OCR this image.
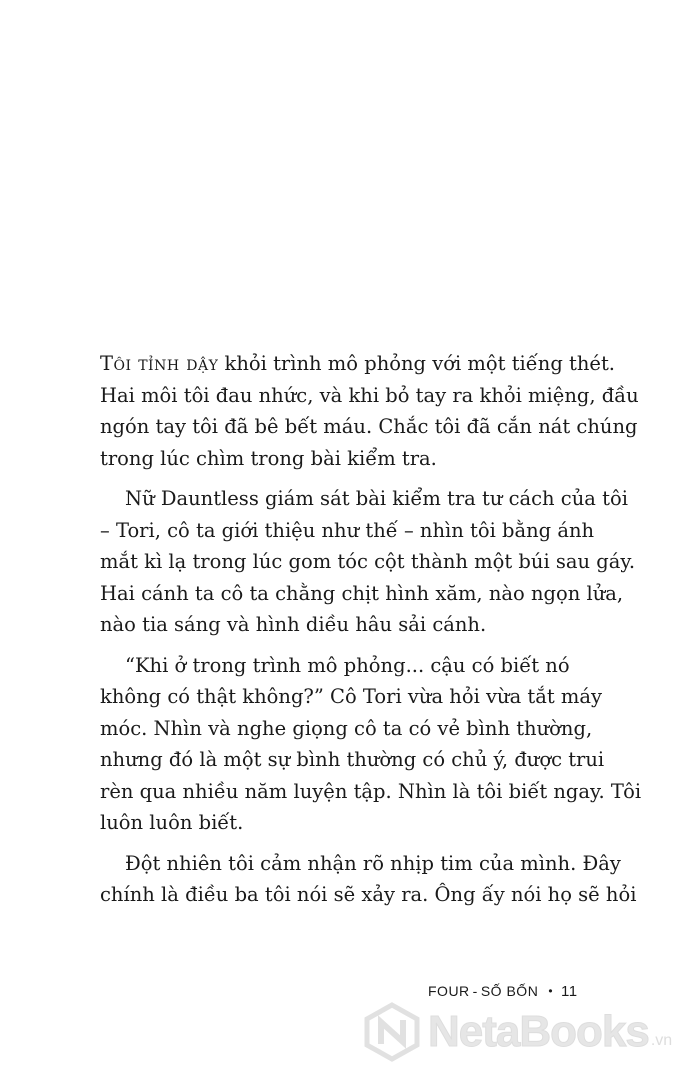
Tôi tỉnh dậy khỏi trình mô phỏng với một tiếng thét.
Hai môi tôi đau nhức, và khi bỏ tay ra khỏi miệng, đầu
ngón tay tôi đã bê bết máu. Chắc tôi đã cắn nát chúng
trong lúc chìm trong bài kiểm tra.

Nữ Dauntless giám sát bài kiểm tra tư cách của tôi
– Tori, cô ta giới thiệu như thế – nhìn tôi bằng ánh
mắt kì lạ trong lúc gom tóc cột thành một búi sau gáy.
Hai cánh ta cô ta chằng chịt hình xăm, nào ngọn lửa,
nào tia sáng và hình diều hâu sải cánh.

“Khi ở trong trình mô phỏng... cậu có biết nó
không có thật không?” Cô Tori vừa hỏi vừa tắt máy
móc. Nhìn và nghe giọng cô ta có vẻ bình thường,
nhưng đó là một sự bình thường có chủ ý, được trui
rèn qua nhiều năm luyện tập. Nhìn là tôi biết ngay. Tôi
luôn luôn biết.

Đột nhiên tôi cảm nhận rõ nhịp tim của mình. Đây
chính là điều ba tôi nói sẽ xảy ra. Ông ấy nói họ sẽ hỏi

FOUR - SỐ BỐN • 11
NetaBooks .vn
